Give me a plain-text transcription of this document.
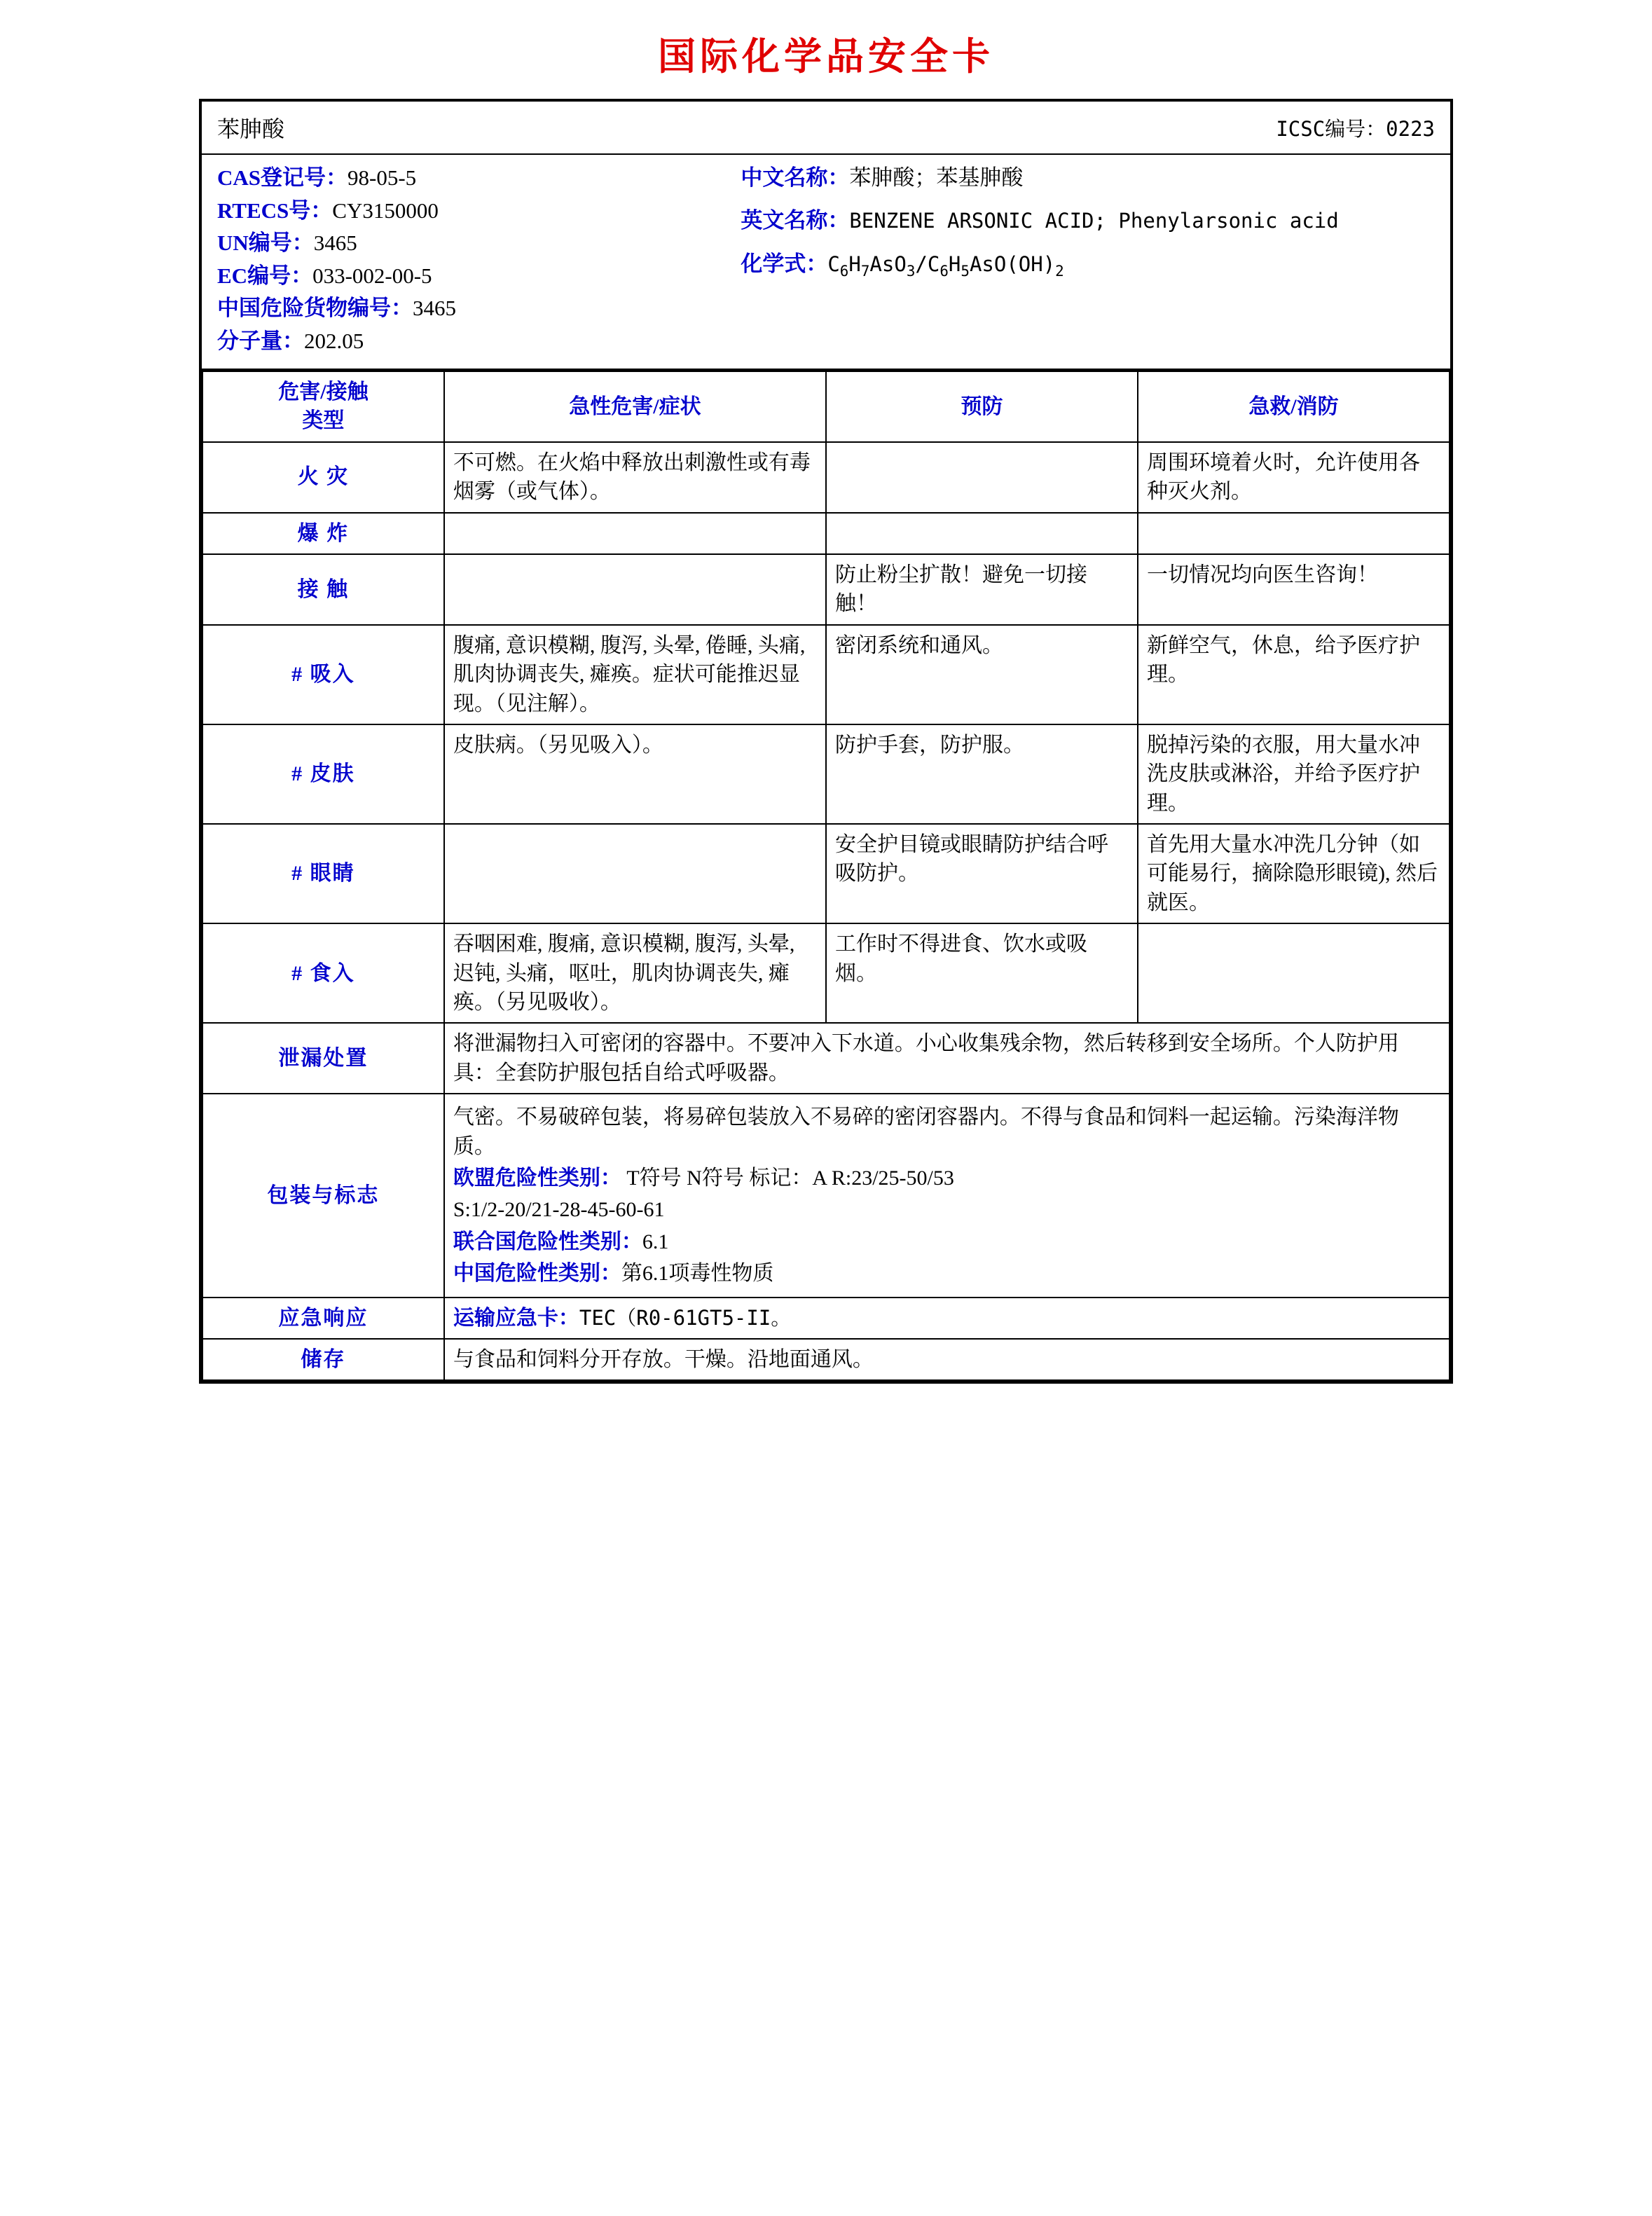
国际化学品安全卡
苯胂酸	ICSC编号：0223
CAS登记号：98-05-5
RTECS号：CY3150000
UN编号：3465
EC编号：033-002-00-5
中国危险货物编号：3465
分子量：202.05
中文名称：苯胂酸；苯基胂酸
英文名称：BENZENE ARSONIC ACID; Phenylarsonic acid
化学式：$C_6H_7AsO_3/C_6H_5AsO(OH)_2$
危害/接触
类型	急性危害/症状	预防	急救/消防
火 灾	不可燃。在火焰中释放出刺激性或有毒烟雾（或气体）。		周围环境着火时，允许使用各种灭火剂。
爆 炸			
接 触		防止粉尘扩散！避免一切接触！	一切情况均向医生咨询！
# 吸入	腹痛, 意识模糊, 腹泻, 头晕, 倦睡, 头痛, 肌肉协调丧失, 瘫痪。症状可能推迟显现。（见注解）。	密闭系统和通风。	新鲜空气，休息，给予医疗护理。
# 皮肤	皮肤病。（另见吸入）。	防护手套，防护服。	脱掉污染的衣服，用大量水冲洗皮肤或淋浴，并给予医疗护理。
# 眼睛		安全护目镜或眼睛防护结合呼吸防护。	首先用大量水冲洗几分钟（如可能易行，摘除隐形眼镜), 然后就医。
# 食入	吞咽困难, 腹痛, 意识模糊, 腹泻, 头晕, 迟钝, 头痛，呕吐，肌肉协调丧失, 瘫痪。（另见吸收）。	工作时不得进食、饮水或吸烟。	
泄漏处置	将泄漏物扫入可密闭的容器中。不要冲入下水道。小心收集残余物，然后转移到安全场所。个人防护用具：全套防护服包括自给式呼吸器。		
包装与标志	气密。不易破碎包装，将易碎包装放入不易碎的密闭容器内。不得与食品和饲料一起运输。污染海洋物质。
欧盟危险性类别： T符号 N符号 标记：A R:23/25-50/53
S:1/2-20/21-28-45-60-61
联合国危险性类别：6.1
中国危险性类别：第6.1项毒性物质		

应急响应	运输应急卡：TEC（R0-61GT5-II。		
储存	与食品和饲料分开存放。干燥。沿地面通风。		
